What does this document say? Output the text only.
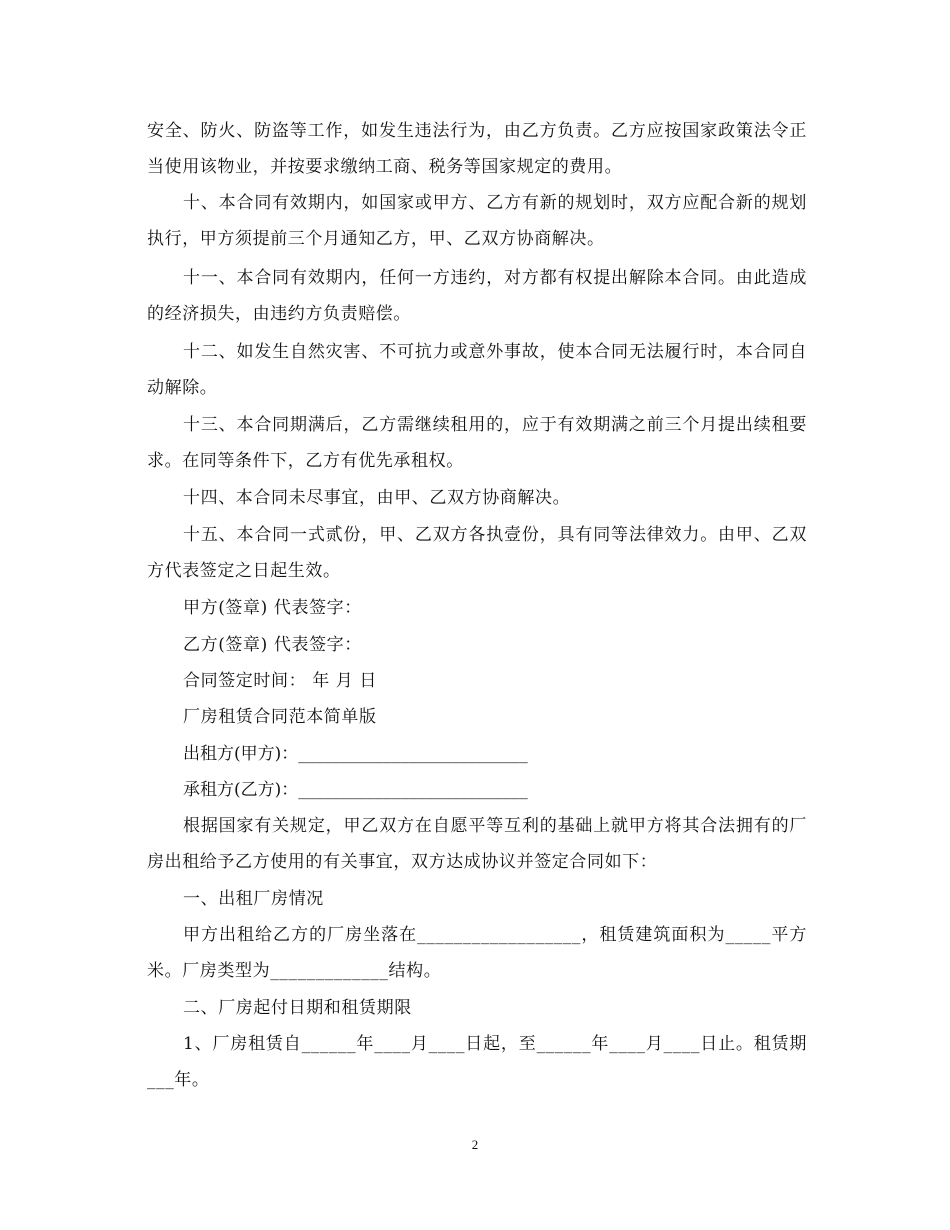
安全、防火、防盗等工作，如发生违法行为，由乙方负责。乙方应按国家政策法令正当使用该物业，并按要求缴纳工商、税务等国家规定的费用。

十、本合同有效期内，如国家或甲方、乙方有新的规划时，双方应配合新的规划执行，甲方须提前三个月通知乙方，甲、乙双方协商解决。

十一、本合同有效期内，任何一方违约，对方都有权提出解除本合同。由此造成的经济损失，由违约方负责赔偿。

十二、如发生自然灾害、不可抗力或意外事故，使本合同无法履行时，本合同自动解除。

十三、本合同期满后，乙方需继续租用的，应于有效期满之前三个月提出续租要求。在同等条件下，乙方有优先承租权。

十四、本合同未尽事宜，由甲、乙双方协商解决。

十五、本合同一式贰份，甲、乙双方各执壹份，具有同等法律效力。由甲、乙双方代表签定之日起生效。

甲方(签章) 代表签字：

乙方(签章) 代表签字：

合同签定时间： 年 月 日

厂房租赁合同范本简单版

出租方(甲方)：___________________________

承租方(乙方)：___________________________

根据国家有关规定，甲乙双方在自愿平等互利的基础上就甲方将其合法拥有的厂房出租给予乙方使用的有关事宜，双方达成协议并签定合同如下：

一、出租厂房情况

甲方出租给乙方的厂房坐落在__________________，租赁建筑面积为_____平方米。厂房类型为_____________结构。

二、厂房起付日期和租赁期限

1、厂房租赁自______年____月____日起，至______年____月____日止。租赁期___年。

2
